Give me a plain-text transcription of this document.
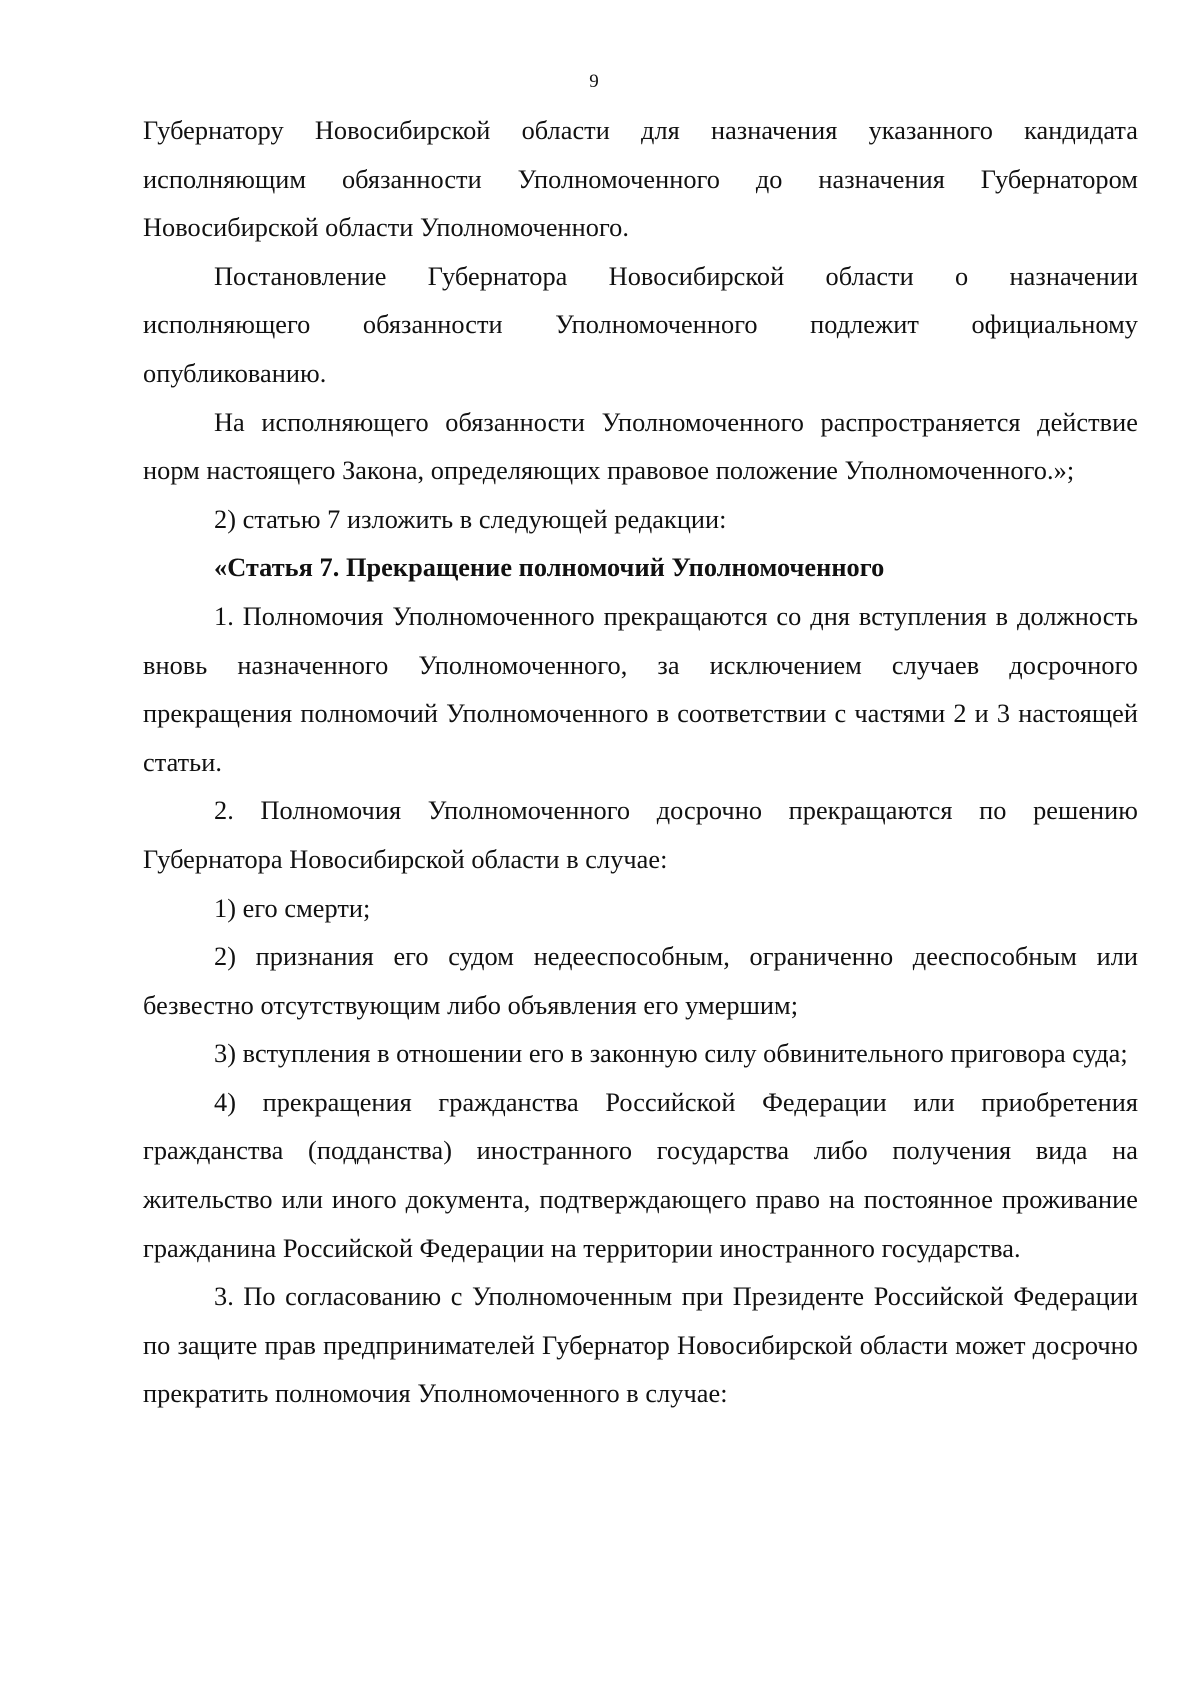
9

Губернатору Новосибирской области для назначения указанного кандидата исполняющим обязанности Уполномоченного до назначения Губернатором Новосибирской области Уполномоченного.

Постановление Губернатора Новосибирской области о назначении исполняющего обязанности Уполномоченного подлежит официальному опубликованию.

На исполняющего обязанности Уполномоченного распространяется действие норм настоящего Закона, определяющих правовое положение Уполномоченного.»;

2) статью 7 изложить в следующей редакции:

«Статья 7. Прекращение полномочий Уполномоченного

1. Полномочия Уполномоченного прекращаются со дня вступления в должность вновь назначенного Уполномоченного, за исключением случаев досрочного прекращения полномочий Уполномоченного в соответствии с частями 2 и 3 настоящей статьи.

2. Полномочия Уполномоченного досрочно прекращаются по решению Губернатора Новосибирской области в случае:

1) его смерти;

2) признания его судом недееспособным, ограниченно дееспособным или безвестно отсутствующим либо объявления его умершим;

3) вступления в отношении его в законную силу обвинительного приговора суда;

4) прекращения гражданства Российской Федерации или приобретения гражданства (подданства) иностранного государства либо получения вида на жительство или иного документа, подтверждающего право на постоянное проживание гражданина Российской Федерации на территории иностранного государства.

3. По согласованию с Уполномоченным при Президенте Российской Федерации по защите прав предпринимателей Губернатор Новосибирской области может досрочно прекратить полномочия Уполномоченного в случае:
